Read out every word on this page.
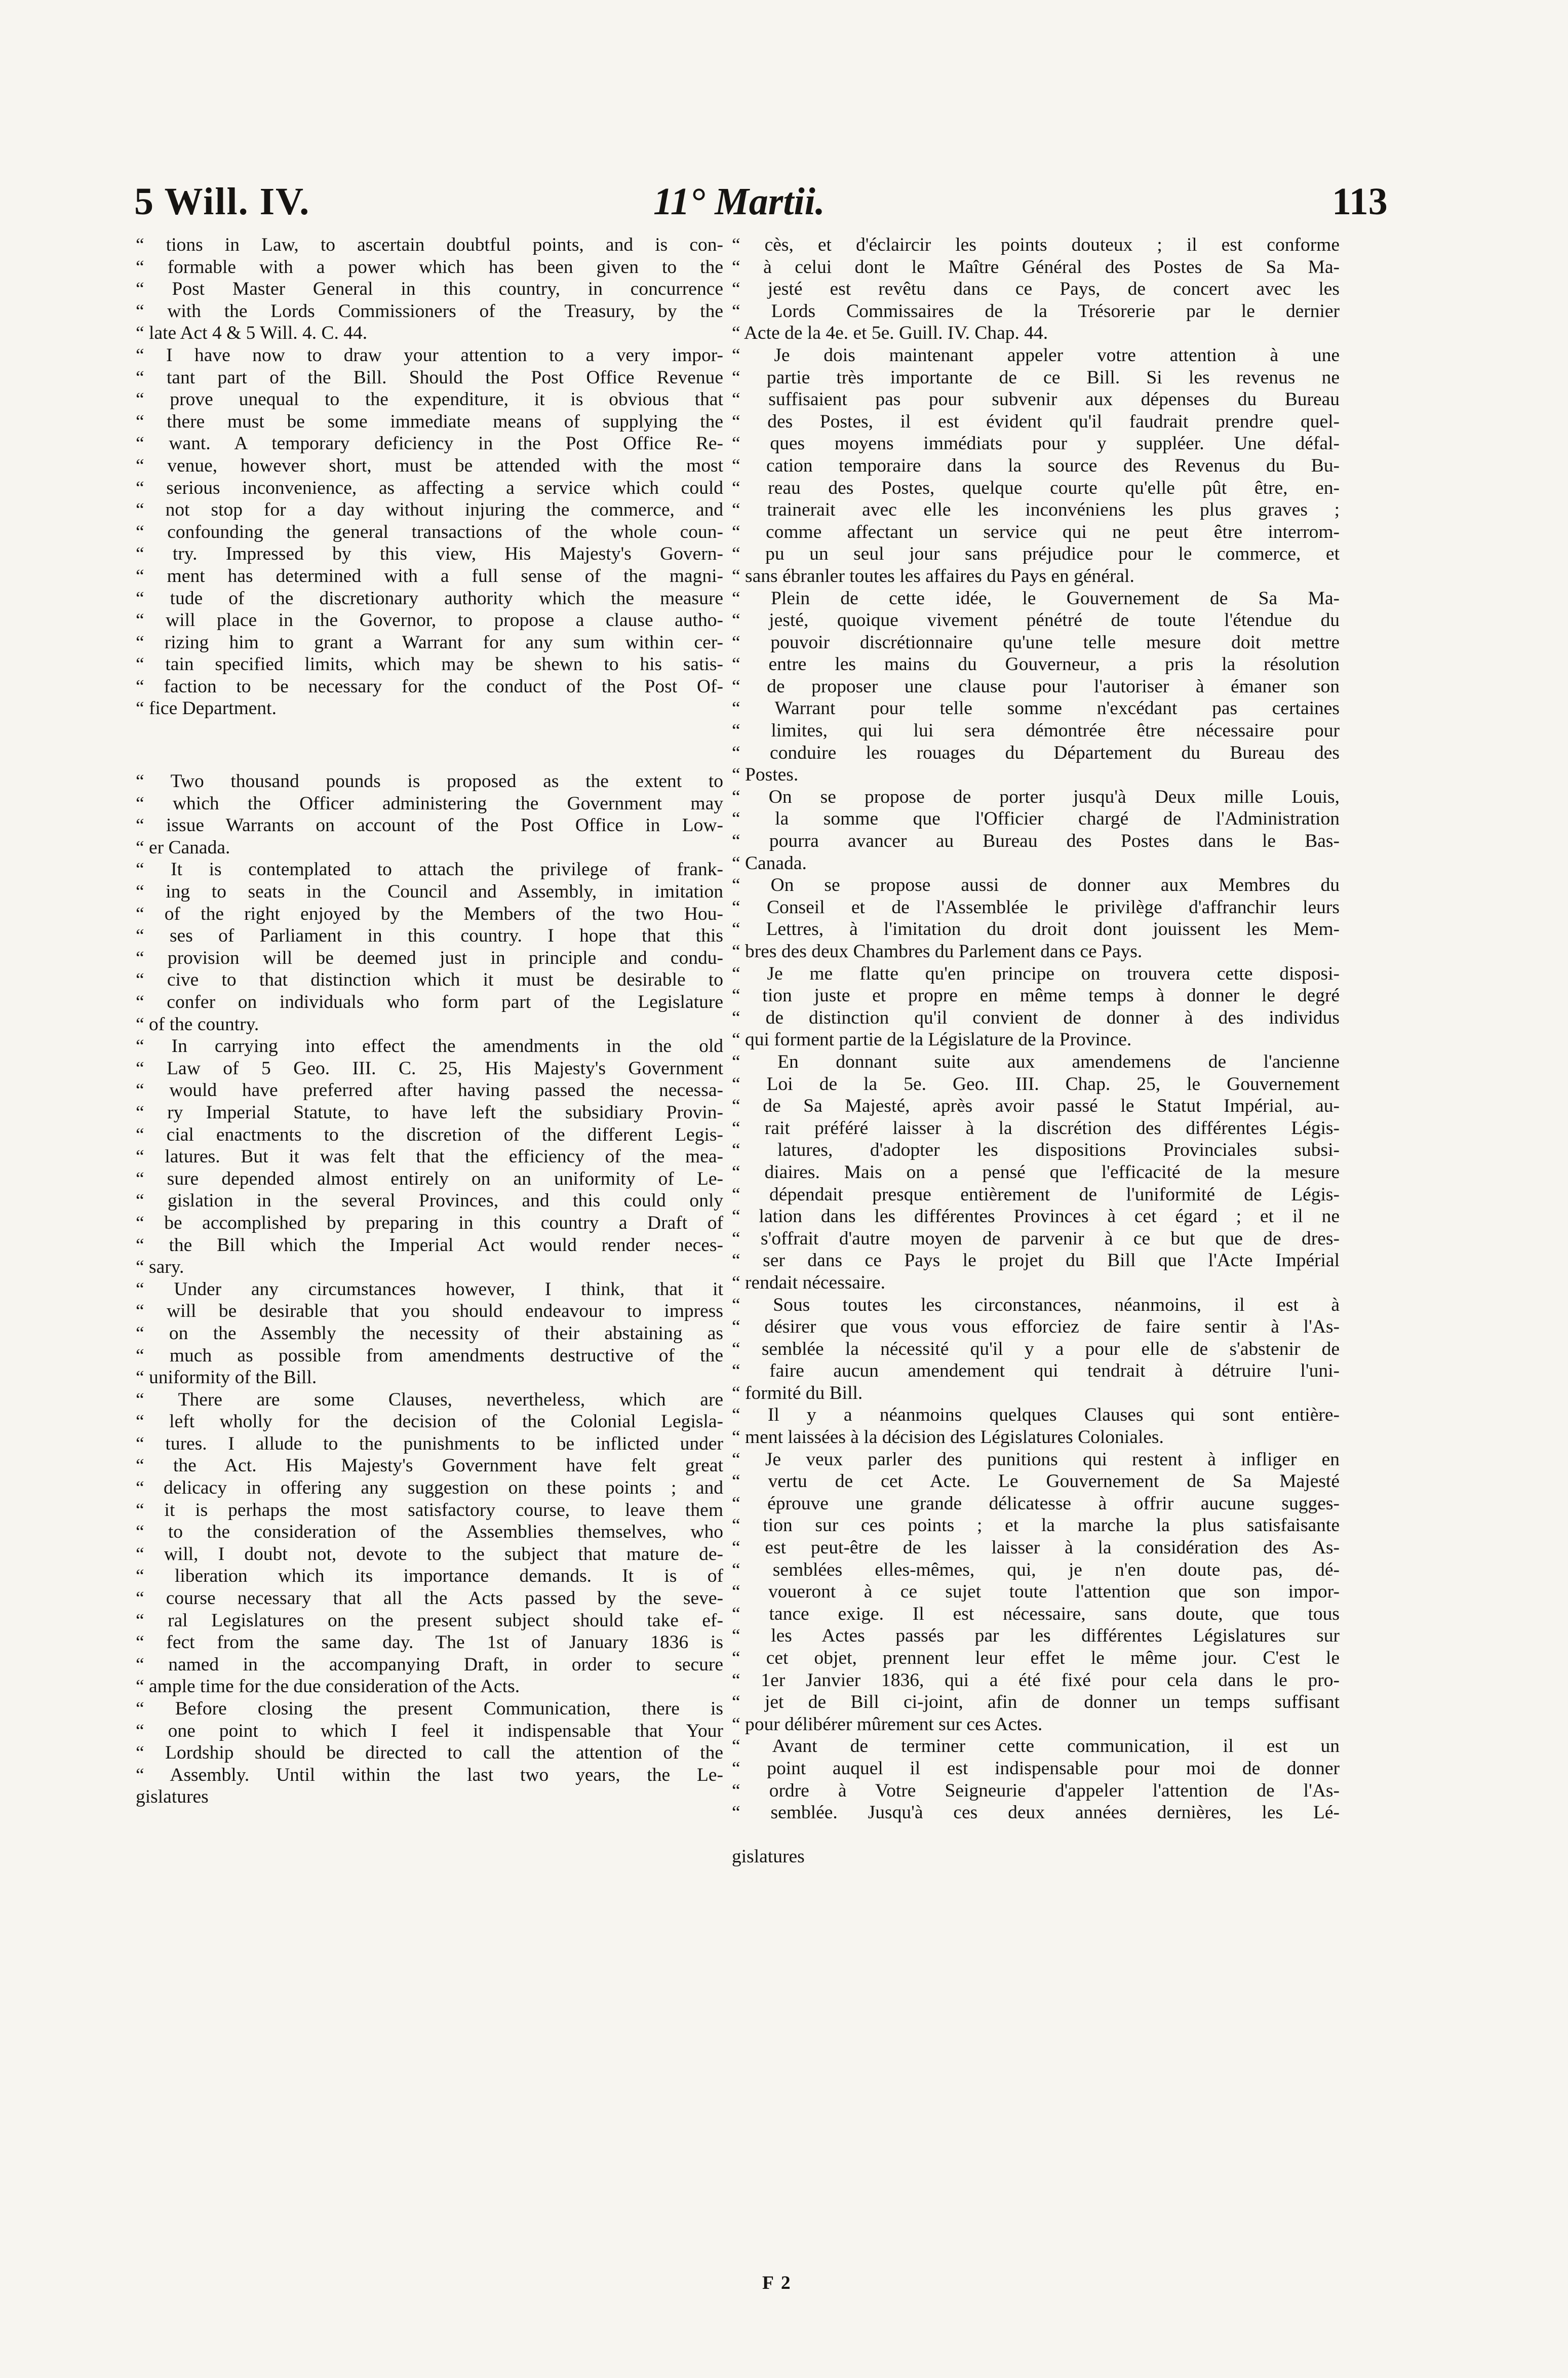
5 Will. IV.	11° Martii.	113
“ tions in Law, to ascertain doubtful points, and is con-
“ formable with a power which has been given to the
“ Post Master General in this country, in concurrence
“ with the Lords Commissioners of the Treasury, by the
“ late Act 4 & 5 Will. 4. C. 44.
“ I have now to draw your attention to a very impor-
“ tant part of the Bill. Should the Post Office Revenue
“ prove unequal to the expenditure, it is obvious that
“ there must be some immediate means of supplying the
“ want. A temporary deficiency in the Post Office Re-
“ venue, however short, must be attended with the most
“ serious inconvenience, as affecting a service which could
“ not stop for a day without injuring the commerce, and
“ confounding the general transactions of the whole coun-
“ try. Impressed by this view, His Majesty's Govern-
“ ment has determined with a full sense of the magni-
“ tude of the discretionary authority which the measure
“ will place in the Governor, to propose a clause autho-
“ rizing him to grant a Warrant for any sum within cer-
“ tain specified limits, which may be shewn to his satis-
“ faction to be necessary for the conduct of the Post Of-
“ fice Department.
“ Two thousand pounds is proposed as the extent to
“ which the Officer administering the Government may
“ issue Warrants on account of the Post Office in Low-
“ er Canada.
“ It is contemplated to attach the privilege of frank-
“ ing to seats in the Council and Assembly, in imitation
“ of the right enjoyed by the Members of the two Hou-
“ ses of Parliament in this country. I hope that this
“ provision will be deemed just in principle and condu-
“ cive to that distinction which it must be desirable to
“ confer on individuals who form part of the Legislature
“ of the country.
“ In carrying into effect the amendments in the old
“ Law of 5 Geo. III. C. 25, His Majesty's Government
“ would have preferred after having passed the necessa-
“ ry Imperial Statute, to have left the subsidiary Provin-
“ cial enactments to the discretion of the different Legis-
“ latures. But it was felt that the efficiency of the mea-
“ sure depended almost entirely on an uniformity of Le-
“ gislation in the several Provinces, and this could only
“ be accomplished by preparing in this country a Draft of
“ the Bill which the Imperial Act would render neces-
“ sary.
“ Under any circumstances however, I think, that it
“ will be desirable that you should endeavour to impress
“ on the Assembly the necessity of their abstaining as
“ much as possible from amendments destructive of the
“ uniformity of the Bill.
“ There are some Clauses, nevertheless, which are
“ left wholly for the decision of the Colonial Legisla-
“ tures. I allude to the punishments to be inflicted under
“ the Act. His Majesty's Government have felt great
“ delicacy in offering any suggestion on these points ; and
“ it is perhaps the most satisfactory course, to leave them
“ to the consideration of the Assemblies themselves, who
“ will, I doubt not, devote to the subject that mature de-
“ liberation which its importance demands. It is of
“ course necessary that all the Acts passed by the seve-
“ ral Legislatures on the present subject should take ef-
“ fect from the same day. The 1st of January 1836 is
“ named in the accompanying Draft, in order to secure
“ ample time for the due consideration of the Acts.
“ Before closing the present Communication, there is
“ one point to which I feel it indispensable that Your
“ Lordship should be directed to call the attention of the
“ Assembly. Until within the last two years, the Le-
gislatures
“ cès, et d'éclaircir les points douteux ; il est conforme
“ à celui dont le Maître Général des Postes de Sa Ma-
“ jesté est revêtu dans ce Pays, de concert avec les
“ Lords Commissaires de la Trésorerie par le dernier
“ Acte de la 4e. et 5e. Guill. IV. Chap. 44.
“ Je dois maintenant appeler votre attention à une
“ partie très importante de ce Bill. Si les revenus ne
“ suffisaient pas pour subvenir aux dépenses du Bureau
“ des Postes, il est évident qu'il faudrait prendre quel-
“ ques moyens immédiats pour y suppléer. Une défal-
“ cation temporaire dans la source des Revenus du Bu-
“ reau des Postes, quelque courte qu'elle pût être, en-
“ trainerait avec elle les inconvéniens les plus graves ;
“ comme affectant un service qui ne peut être interrom-
“ pu un seul jour sans préjudice pour le commerce, et
“ sans ébranler toutes les affaires du Pays en général.
“ Plein de cette idée, le Gouvernement de Sa Ma-
“ jesté, quoique vivement pénétré de toute l'étendue du
“ pouvoir discrétionnaire qu'une telle mesure doit mettre
“ entre les mains du Gouverneur, a pris la résolution
“ de proposer une clause pour l'autoriser à émaner son
“ Warrant pour telle somme n'excédant pas certaines
“ limites, qui lui sera démontrée être nécessaire pour
“ conduire les rouages du Département du Bureau des
“ Postes.
“ On se propose de porter jusqu'à Deux mille Louis,
“ la somme que l'Officier chargé de l'Administration
“ pourra avancer au Bureau des Postes dans le Bas-
“ Canada.
“ On se propose aussi de donner aux Membres du
“ Conseil et de l'Assemblée le privilège d'affranchir leurs
“ Lettres, à l'imitation du droit dont jouissent les Mem-
“ bres des deux Chambres du Parlement dans ce Pays.
“ Je me flatte qu'en principe on trouvera cette disposi-
“ tion juste et propre en même temps à donner le degré
“ de distinction qu'il convient de donner à des individus
“ qui forment partie de la Législature de la Province.
“ En donnant suite aux amendemens de l'ancienne
“ Loi de la 5e. Geo. III. Chap. 25, le Gouvernement
“ de Sa Majesté, après avoir passé le Statut Impérial, au-
“ rait préféré laisser à la discrétion des différentes Légis-
“ latures, d'adopter les dispositions Provinciales subsi-
“ diaires. Mais on a pensé que l'efficacité de la mesure
“ dépendait presque entièrement de l'uniformité de Légis-
“ lation dans les différentes Provinces à cet égard ; et il ne
“ s'offrait d'autre moyen de parvenir à ce but que de dres-
“ ser dans ce Pays le projet du Bill que l'Acte Impérial
“ rendait nécessaire.
“ Sous toutes les circonstances, néanmoins, il est à
“ désirer que vous vous efforciez de faire sentir à l'As-
“ semblée la nécessité qu'il y a pour elle de s'abstenir de
“ faire aucun amendement qui tendrait à détruire l'uni-
“ formité du Bill.
“ Il y a néanmoins quelques Clauses qui sont entière-
“ ment laissées à la décision des Législatures Coloniales.
“ Je veux parler des punitions qui restent à infliger en
“ vertu de cet Acte. Le Gouvernement de Sa Majesté
“ éprouve une grande délicatesse à offrir aucune sugges-
“ tion sur ces points ; et la marche la plus satisfaisante
“ est peut-être de les laisser à la considération des As-
“ semblées elles-mêmes, qui, je n'en doute pas, dé-
“ voueront à ce sujet toute l'attention que son impor-
“ tance exige. Il est nécessaire, sans doute, que tous
“ les Actes passés par les différentes Législatures sur
“ cet objet, prennent leur effet le même jour. C'est le
“ 1er Janvier 1836, qui a été fixé pour cela dans le pro-
“ jet de Bill ci-joint, afin de donner un temps suffisant
“ pour délibérer mûrement sur ces Actes.
“ Avant de terminer cette communication, il est un
“ point auquel il est indispensable pour moi de donner
“ ordre à Votre Seigneurie d'appeler l'attention de l'As-
“ semblée. Jusqu'à ces deux années dernières, les Lé-
gislatures
F 2
